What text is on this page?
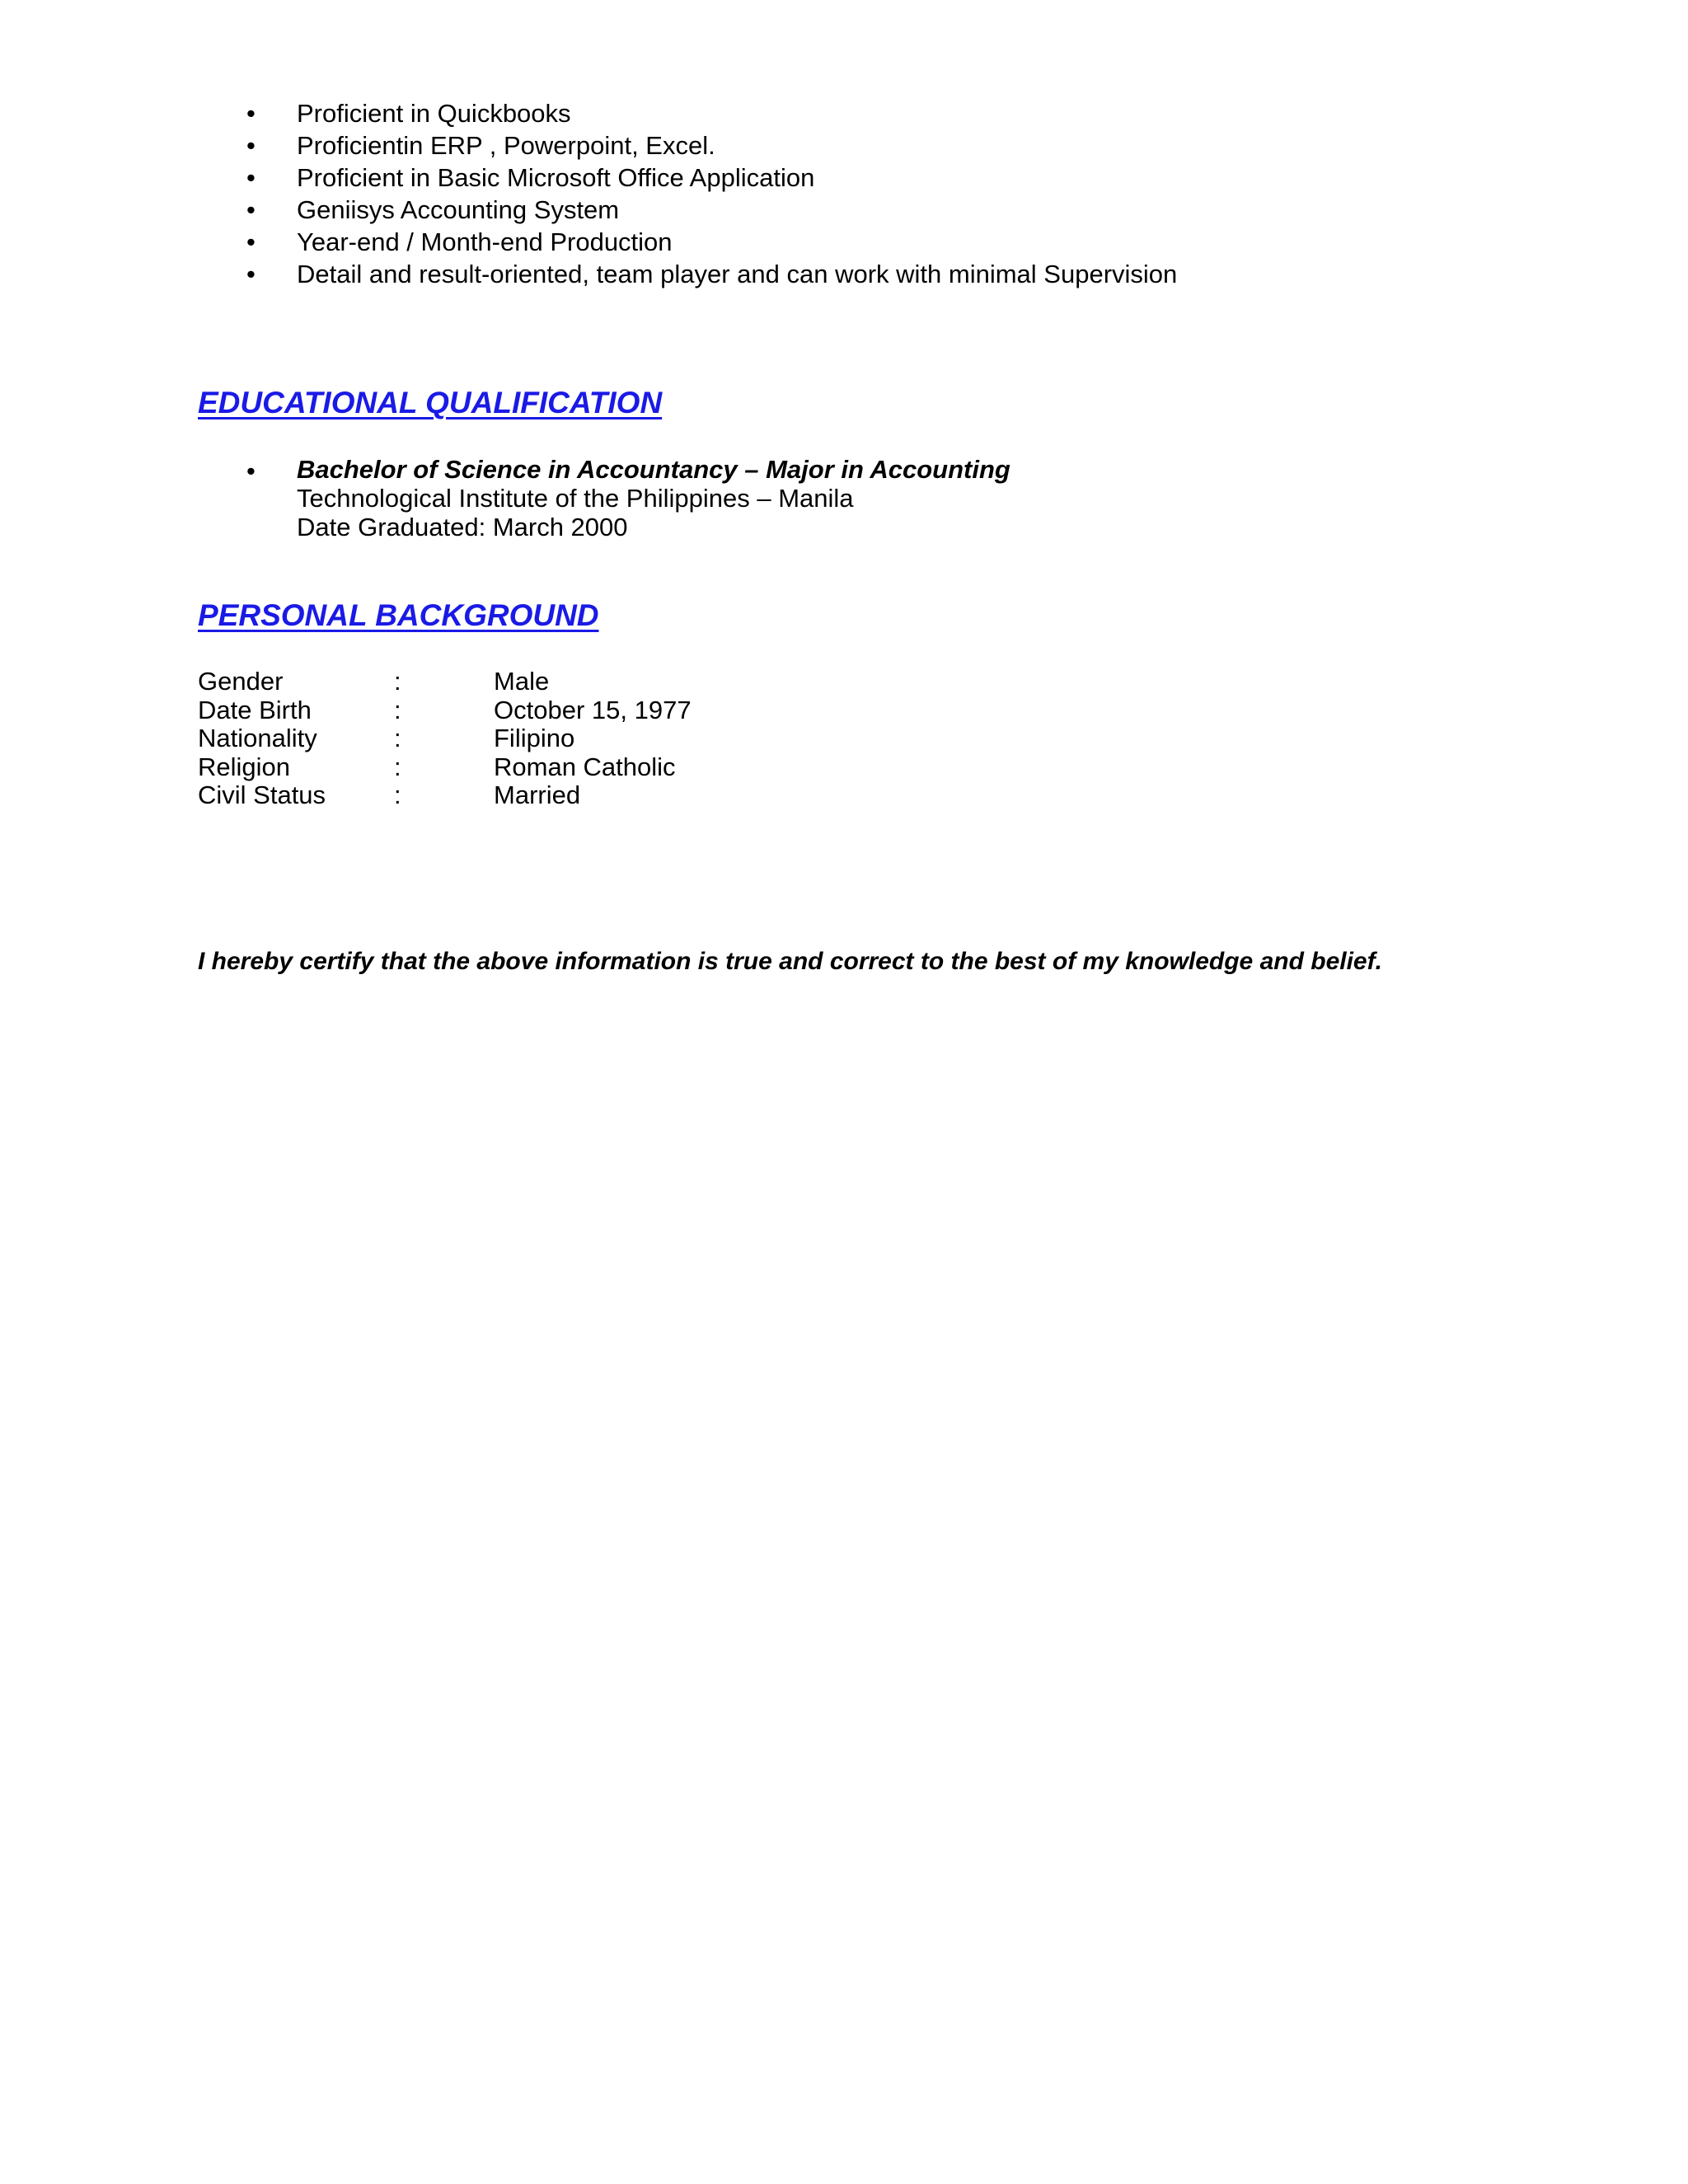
• Proficient in Quickbooks
• Proficientin ERP , Powerpoint, Excel.
• Proficient in Basic Microsoft Office Application
• Geniisys Accounting System
• Year-end / Month-end Production
• Detail and result-oriented, team player and can work with minimal Supervision
EDUCATIONAL QUALIFICATION
• Bachelor of Science in Accountancy – Major in Accounting
Technological Institute of the Philippines – Manila
Date Graduated: March 2000
PERSONAL BACKGROUND
Gender	:	Male
Date Birth	:	October 15, 1977
Nationality	:	Filipino
Religion	:	Roman Catholic
Civil Status	:	Married

I hereby certify that the above information is true and correct to the best of my knowledge and belief.
